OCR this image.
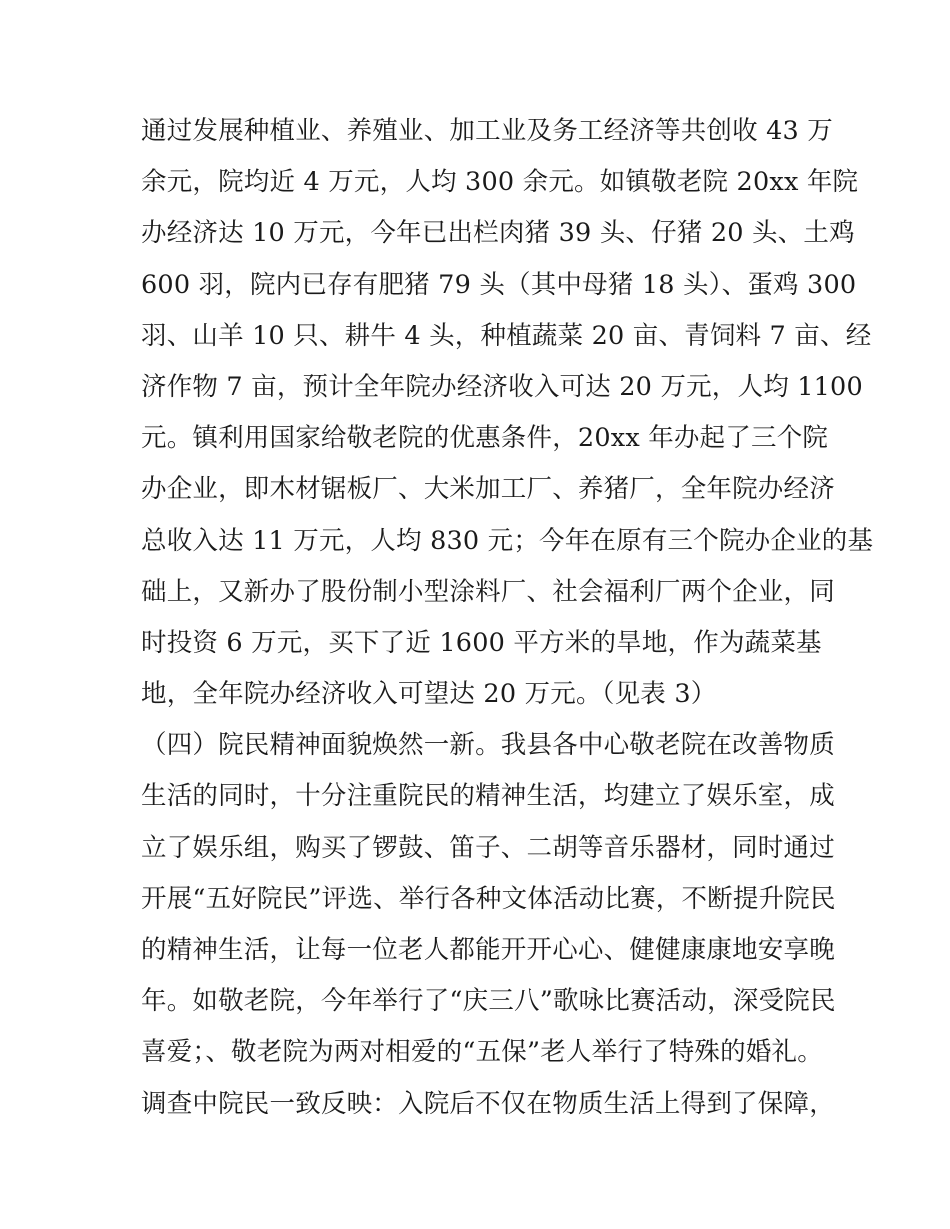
通过发展种植业、养殖业、加工业及务工经济等共创收 43 万
余元，院均近 4 万元，人均 300 余元。如镇敬老院 20xx 年院
办经济达 10 万元，今年已出栏肉猪 39 头、仔猪 20 头、土鸡
600 羽，院内已存有肥猪 79 头（其中母猪 18 头）、蛋鸡 300
羽、山羊 10 只、耕牛 4 头，种植蔬菜 20 亩、青饲料 7 亩、经
济作物 7 亩，预计全年院办经济收入可达 20 万元，人均 1100
元。镇利用国家给敬老院的优惠条件，20xx 年办起了三个院
办企业，即木材锯板厂、大米加工厂、养猪厂，全年院办经济
总收入达 11 万元，人均 830 元；今年在原有三个院办企业的基
础上，又新办了股份制小型涂料厂、社会福利厂两个企业，同
时投资 6 万元，买下了近 1600 平方米的旱地，作为蔬菜基
地，全年院办经济收入可望达 20 万元。（见表 3）
（四）院民精神面貌焕然一新。我县各中心敬老院在改善物质
生活的同时，十分注重院民的精神生活，均建立了娱乐室，成
立了娱乐组，购买了锣鼓、笛子、二胡等音乐器材，同时通过
开展“五好院民”评选、举行各种文体活动比赛，不断提升院民
的精神生活，让每一位老人都能开开心心、健健康康地安享晚
年。如敬老院，今年举行了“庆三八”歌咏比赛活动，深受院民
喜爱；、敬老院为两对相爱的“五保”老人举行了特殊的婚礼。
调查中院民一致反映：入院后不仅在物质生活上得到了保障，
